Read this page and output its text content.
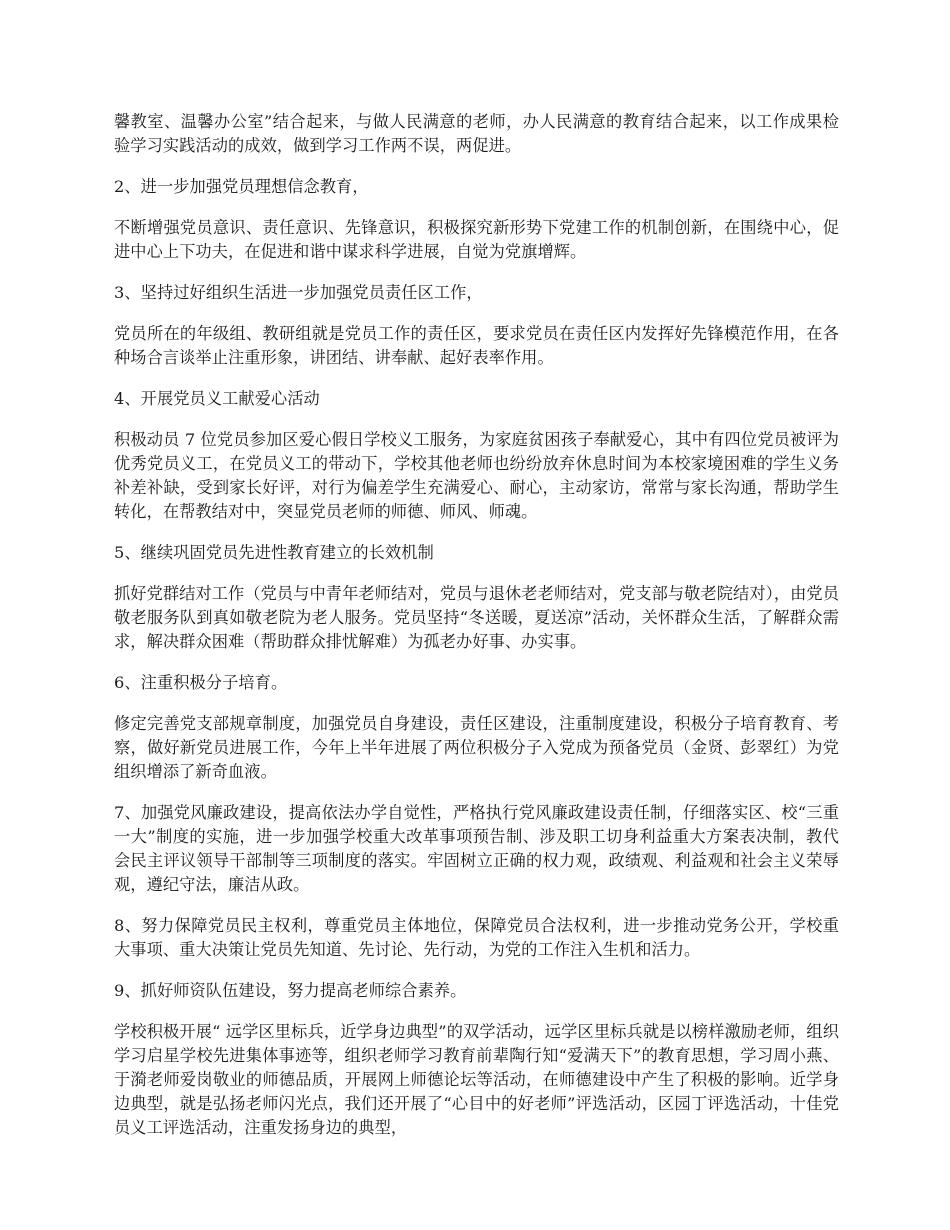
馨教室、温馨办公室”结合起来，与做人民满意的老师，办人民满意的教育结合起来，以工作成果检验学习实践活动的成效，做到学习工作两不误，两促进。

2、进一步加强党员理想信念教育，

不断增强党员意识、责任意识、先锋意识，积极探究新形势下党建工作的机制创新，在围绕中心，促进中心上下功夫，在促进和谐中谋求科学进展，自觉为党旗增辉。

3、坚持过好组织生活进一步加强党员责任区工作，

党员所在的年级组、教研组就是党员工作的责任区，要求党员在责任区内发挥好先锋模范作用，在各种场合言谈举止注重形象，讲团结、讲奉献、起好表率作用。

4、开展党员义工献爱心活动

积极动员 7 位党员参加区爱心假日学校义工服务，为家庭贫困孩子奉献爱心，其中有四位党员被评为优秀党员义工，在党员义工的带动下，学校其他老师也纷纷放弃休息时间为本校家境困难的学生义务补差补缺，受到家长好评，对行为偏差学生充满爱心、耐心，主动家访，常常与家长沟通，帮助学生转化，在帮教结对中，突显党员老师的师德、师风、师魂。

5、继续巩固党员先进性教育建立的长效机制

抓好党群结对工作（党员与中青年老师结对，党员与退休老老师结对，党支部与敬老院结对），由党员敬老服务队到真如敬老院为老人服务。党员坚持“冬送暖，夏送凉”活动，关怀群众生活，了解群众需求，解决群众困难（帮助群众排忧解难）为孤老办好事、办实事。

6、注重积极分子培育。

修定完善党支部规章制度，加强党员自身建设，责任区建设，注重制度建设，积极分子培育教育、考察，做好新党员进展工作，今年上半年进展了两位积极分子入党成为预备党员（金贤、彭翠红）为党组织增添了新奇血液。

7、加强党风廉政建设，提高依法办学自觉性，严格执行党风廉政建设责任制，仔细落实区、校“三重一大”制度的实施，进一步加强学校重大改革事项预告制、涉及职工切身利益重大方案表决制，教代会民主评议领导干部制等三项制度的落实。牢固树立正确的权力观，政绩观、利益观和社会主义荣辱观，遵纪守法，廉洁从政。

8、努力保障党员民主权利，尊重党员主体地位，保障党员合法权利，进一步推动党务公开，学校重大事项、重大决策让党员先知道、先讨论、先行动，为党的工作注入生机和活力。

9、抓好师资队伍建设，努力提高老师综合素养。

学校积极开展“ 远学区里标兵，近学身边典型”的双学活动，远学区里标兵就是以榜样激励老师，组织学习启星学校先进集体事迹等，组织老师学习教育前辈陶行知“爱满天下”的教育思想，学习周小燕、于漪老师爱岗敬业的师德品质，开展网上师德论坛等活动，在师德建设中产生了积极的影响。近学身边典型，就是弘扬老师闪光点，我们还开展了“心目中的好老师”评选活动，区园丁评选活动，十佳党员义工评选活动，注重发扬身边的典型，
